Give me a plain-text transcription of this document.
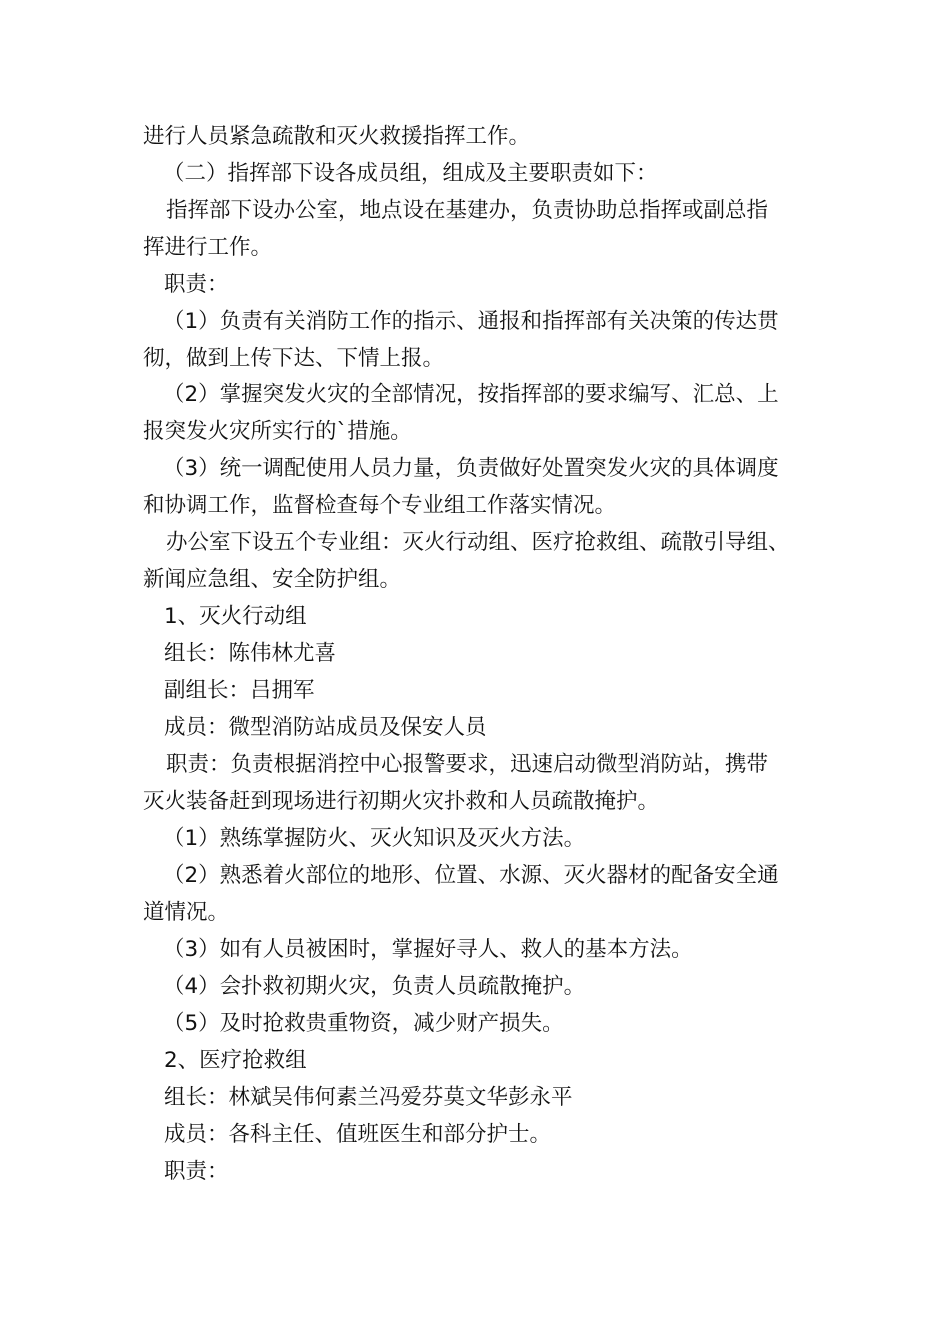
进行人员紧急疏散和灭火救援指挥工作。
（二）指挥部下设各成员组，组成及主要职责如下：
指挥部下设办公室，地点设在基建办，负责协助总指挥或副总指
挥进行工作。
职责：
（1）负责有关消防工作的指示、通报和指挥部有关决策的传达贯
彻，做到上传下达、下情上报。
（2）掌握突发火灾的全部情况，按指挥部的要求编写、汇总、上
报突发火灾所实行的`措施。
（3）统一调配使用人员力量，负责做好处置突发火灾的具体调度
和协调工作，监督检查每个专业组工作落实情况。
办公室下设五个专业组：灭火行动组、医疗抢救组、疏散引导组、
新闻应急组、安全防护组。
1、灭火行动组
组长：陈伟林尤喜
副组长：吕拥军
成员：微型消防站成员及保安人员
职责：负责根据消控中心报警要求，迅速启动微型消防站，携带
灭火装备赶到现场进行初期火灾扑救和人员疏散掩护。
（1）熟练掌握防火、灭火知识及灭火方法。
（2）熟悉着火部位的地形、位置、水源、灭火器材的配备安全通
道情况。
（3）如有人员被困时，掌握好寻人、救人的基本方法。
（4）会扑救初期火灾，负责人员疏散掩护。
（5）及时抢救贵重物资，减少财产损失。
2、医疗抢救组
组长：林斌吴伟何素兰冯爱芬莫文华彭永平
成员：各科主任、值班医生和部分护士。
职责：
